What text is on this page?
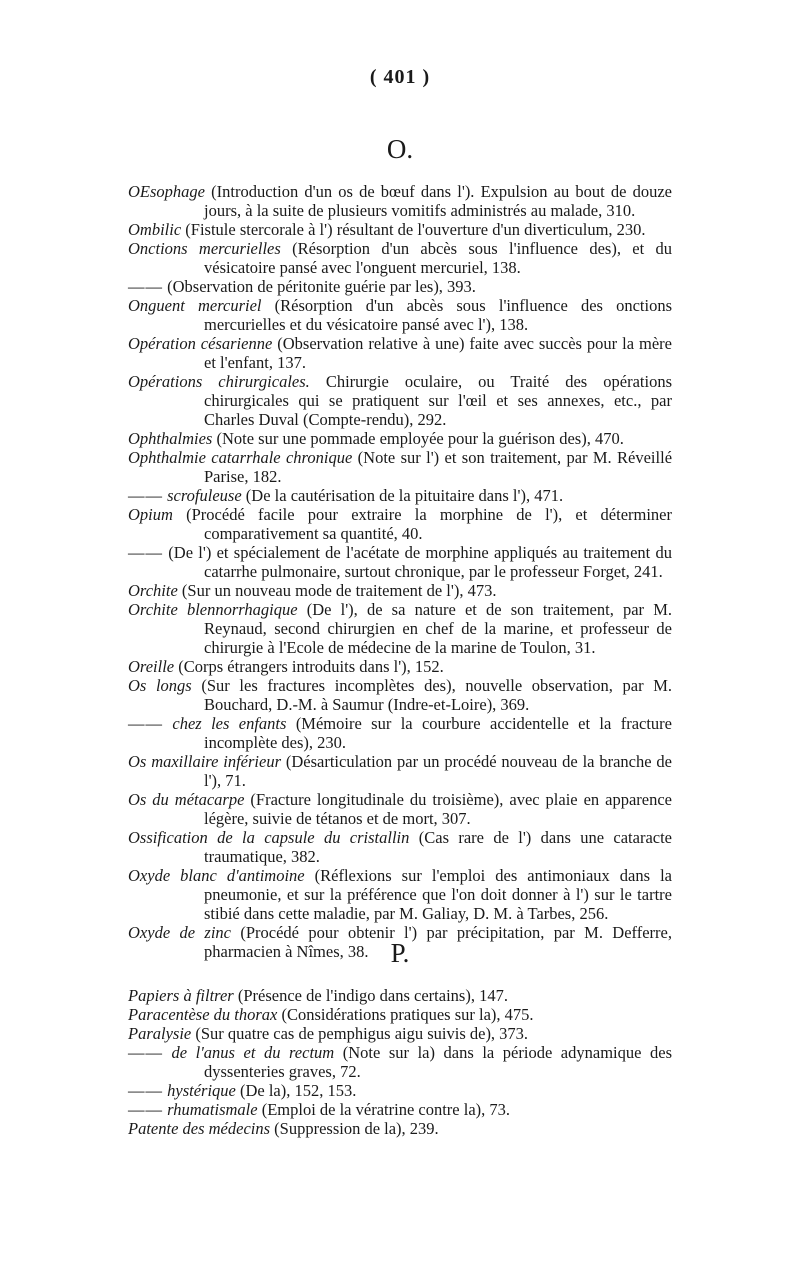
( 401 )
O.

OEsophage (Introduction d'un os de bœuf dans l'). Expulsion au bout de douze jours, à la suite de plusieurs vomitifs administrés au malade, 310.

Ombilic (Fistule stercorale à l') résultant de l'ouverture d'un diverticulum, 230.

Onctions mercurielles (Résorption d'un abcès sous l'influence des), et du vésicatoire pansé avec l'onguent mercuriel, 138.

—— (Observation de péritonite guérie par les), 393.

Onguent mercuriel (Résorption d'un abcès sous l'influence des onctions mercurielles et du vésicatoire pansé avec l'), 138.

Opération césarienne (Observation relative à une) faite avec succès pour la mère et l'enfant, 137.

Opérations chirurgicales. Chirurgie oculaire, ou Traité des opérations chirurgicales qui se pratiquent sur l'œil et ses annexes, etc., par Charles Duval (Compte-rendu), 292.

Ophthalmies (Note sur une pommade employée pour la guérison des), 470.

Ophthalmie catarrhale chronique (Note sur l') et son traitement, par M. Réveillé Parise, 182.

—— scrofuleuse (De la cautérisation de la pituitaire dans l'), 471.

Opium (Procédé facile pour extraire la morphine de l'), et déterminer comparativement sa quantité, 40.

—— (De l') et spécialement de l'acétate de morphine appliqués au traitement du catarrhe pulmonaire, surtout chronique, par le professeur Forget, 241.

Orchite (Sur un nouveau mode de traitement de l'), 473.

Orchite blennorrhagique (De l'), de sa nature et de son traitement, par M. Reynaud, second chirurgien en chef de la marine, et professeur de chirurgie à l'Ecole de médecine de la marine de Toulon, 31.

Oreille (Corps étrangers introduits dans l'), 152.

Os longs (Sur les fractures incomplètes des), nouvelle observation, par M. Bouchard, D.-M. à Saumur (Indre-et-Loire), 369.

—— chez les enfants (Mémoire sur la courbure accidentelle et la fracture incomplète des), 230.

Os maxillaire inférieur (Désarticulation par un procédé nouveau de la branche de l'), 71.

Os du métacarpe (Fracture longitudinale du troisième), avec plaie en apparence légère, suivie de tétanos et de mort, 307.

Ossification de la capsule du cristallin (Cas rare de l') dans une cataracte traumatique, 382.

Oxyde blanc d'antimoine (Réflexions sur l'emploi des antimoniaux dans la pneumonie, et sur la préférence que l'on doit donner à l') sur le tartre stibié dans cette maladie, par M. Galiay, D. M. à Tarbes, 256.

Oxyde de zinc (Procédé pour obtenir l') par précipitation, par M. Defferre, pharmacien à Nîmes, 38. P.

Papiers à filtrer (Présence de l'indigo dans certains), 147.

Paracentèse du thorax (Considérations pratiques sur la), 475.

Paralysie (Sur quatre cas de pemphigus aigu suivis de), 373.

—— de l'anus et du rectum (Note sur la) dans la période adynamique des dyssenteries graves, 72.

—— hystérique (De la), 152, 153.

—— rhumatismale (Emploi de la vératrine contre la), 73.

Patente des médecins (Suppression de la), 239.
